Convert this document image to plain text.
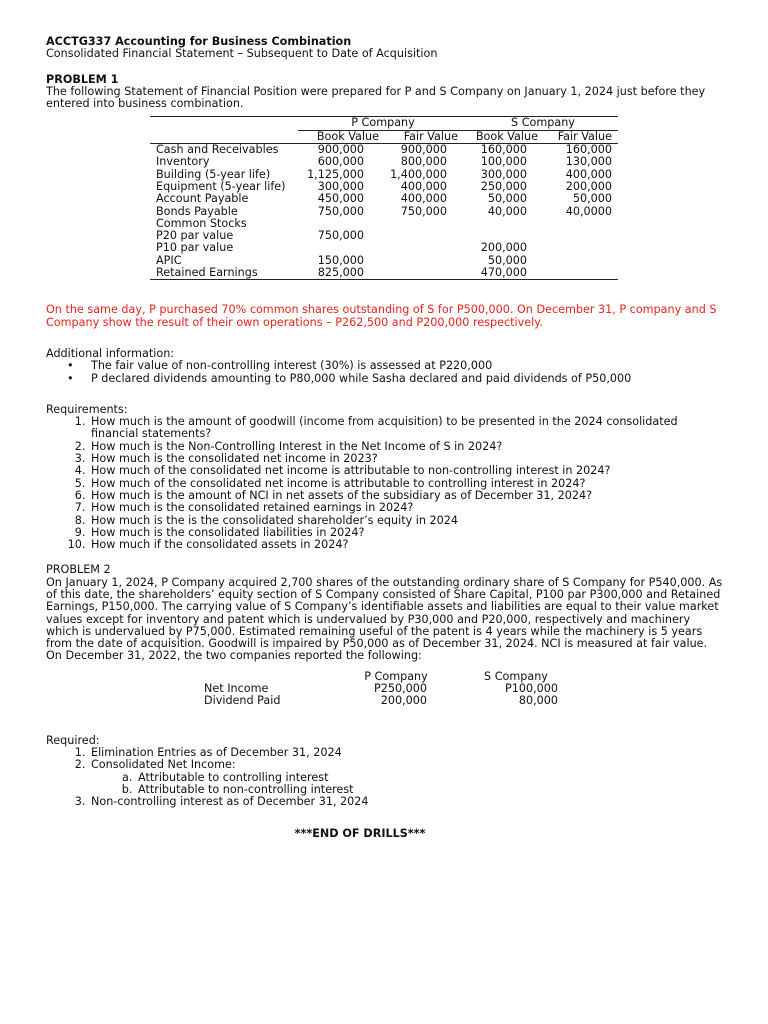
ACCTG337 Accounting for Business Combination
Consolidated Financial Statement – Subsequent to Date of Acquisition
PROBLEM 1
The following Statement of Financial Position were prepared for P and S Company on January 1, 2024 just before they entered into business combination.
	P Company		S Company	
	Book Value	Fair Value	Book Value	Fair Value
Cash and Receivables	900,000	900,000	160,000	160,000
Inventory	600,000	800,000	100,000	130,000
Building (5-year life)	1,125,000	1,400,000	300,000	400,000
Equipment (5-year life)	300,000	400,000	250,000	200,000
Account Payable	450,000	400,000	50,000	50,000
Bonds Payable	750,000	750,000	40,000	40,0000
Common Stocks				
P20 par value	750,000			
P10 par value			200,000	
APIC	150,000		50,000	
Retained Earnings	825,000		470,000	
On the same day, P purchased 70% common shares outstanding of S for P500,000. On December 31, P company and S Company show the result of their own operations – P262,500 and P200,000 respectively.
Additional information:
• The fair value of non-controlling interest (30%) is assessed at P220,000
• P declared dividends amounting to P80,000 while Sasha declared and paid dividends of P50,000
Requirements:
1. How much is the amount of goodwill (income from acquisition) to be presented in the 2024 consolidated financial statements?
2. How much is the Non-Controlling Interest in the Net Income of S in 2024?
3. How much is the consolidated net income in 2023?
4. How much of the consolidated net income is attributable to non-controlling interest in 2024?
5. How much of the consolidated net income is attributable to controlling interest in 2024?
6. How much is the amount of NCI in net assets of the subsidiary as of December 31, 2024?
7. How much is the consolidated retained earnings in 2024?
8. How much is the is the consolidated shareholder’s equity in 2024
9. How much is the consolidated liabilities in 2024?
10. How much if the consolidated assets in 2024?
PROBLEM 2
On January 1, 2024, P Company acquired 2,700 shares of the outstanding ordinary share of S Company for P540,000. As of this date, the shareholders’ equity section of S Company consisted of Share Capital, P100 par P300,000 and Retained Earnings, P150,000. The carrying value of S Company’s identifiable assets and liabilities are equal to their value market values except for inventory and patent which is undervalued by P30,000 and P20,000, respectively and machinery which is undervalued by P75,000. Estimated remaining useful of the patent is 4 years while the machinery is 5 years from the date of acquisition. Goodwill is impaired by P50,000 as of December 31, 2024. NCI is measured at fair value. On December 31, 2022, the two companies reported the following:
	P Company	S Company
Net Income	P250,000	P100,000
Dividend Paid	200,000	80,000
Required:
1. Elimination Entries as of December 31, 2024
2. Consolidated Net Income:
a. Attributable to controlling interest
b. Attributable to non-controlling interest
3. Non-controlling interest as of December 31, 2024
***END OF DRILLS***
